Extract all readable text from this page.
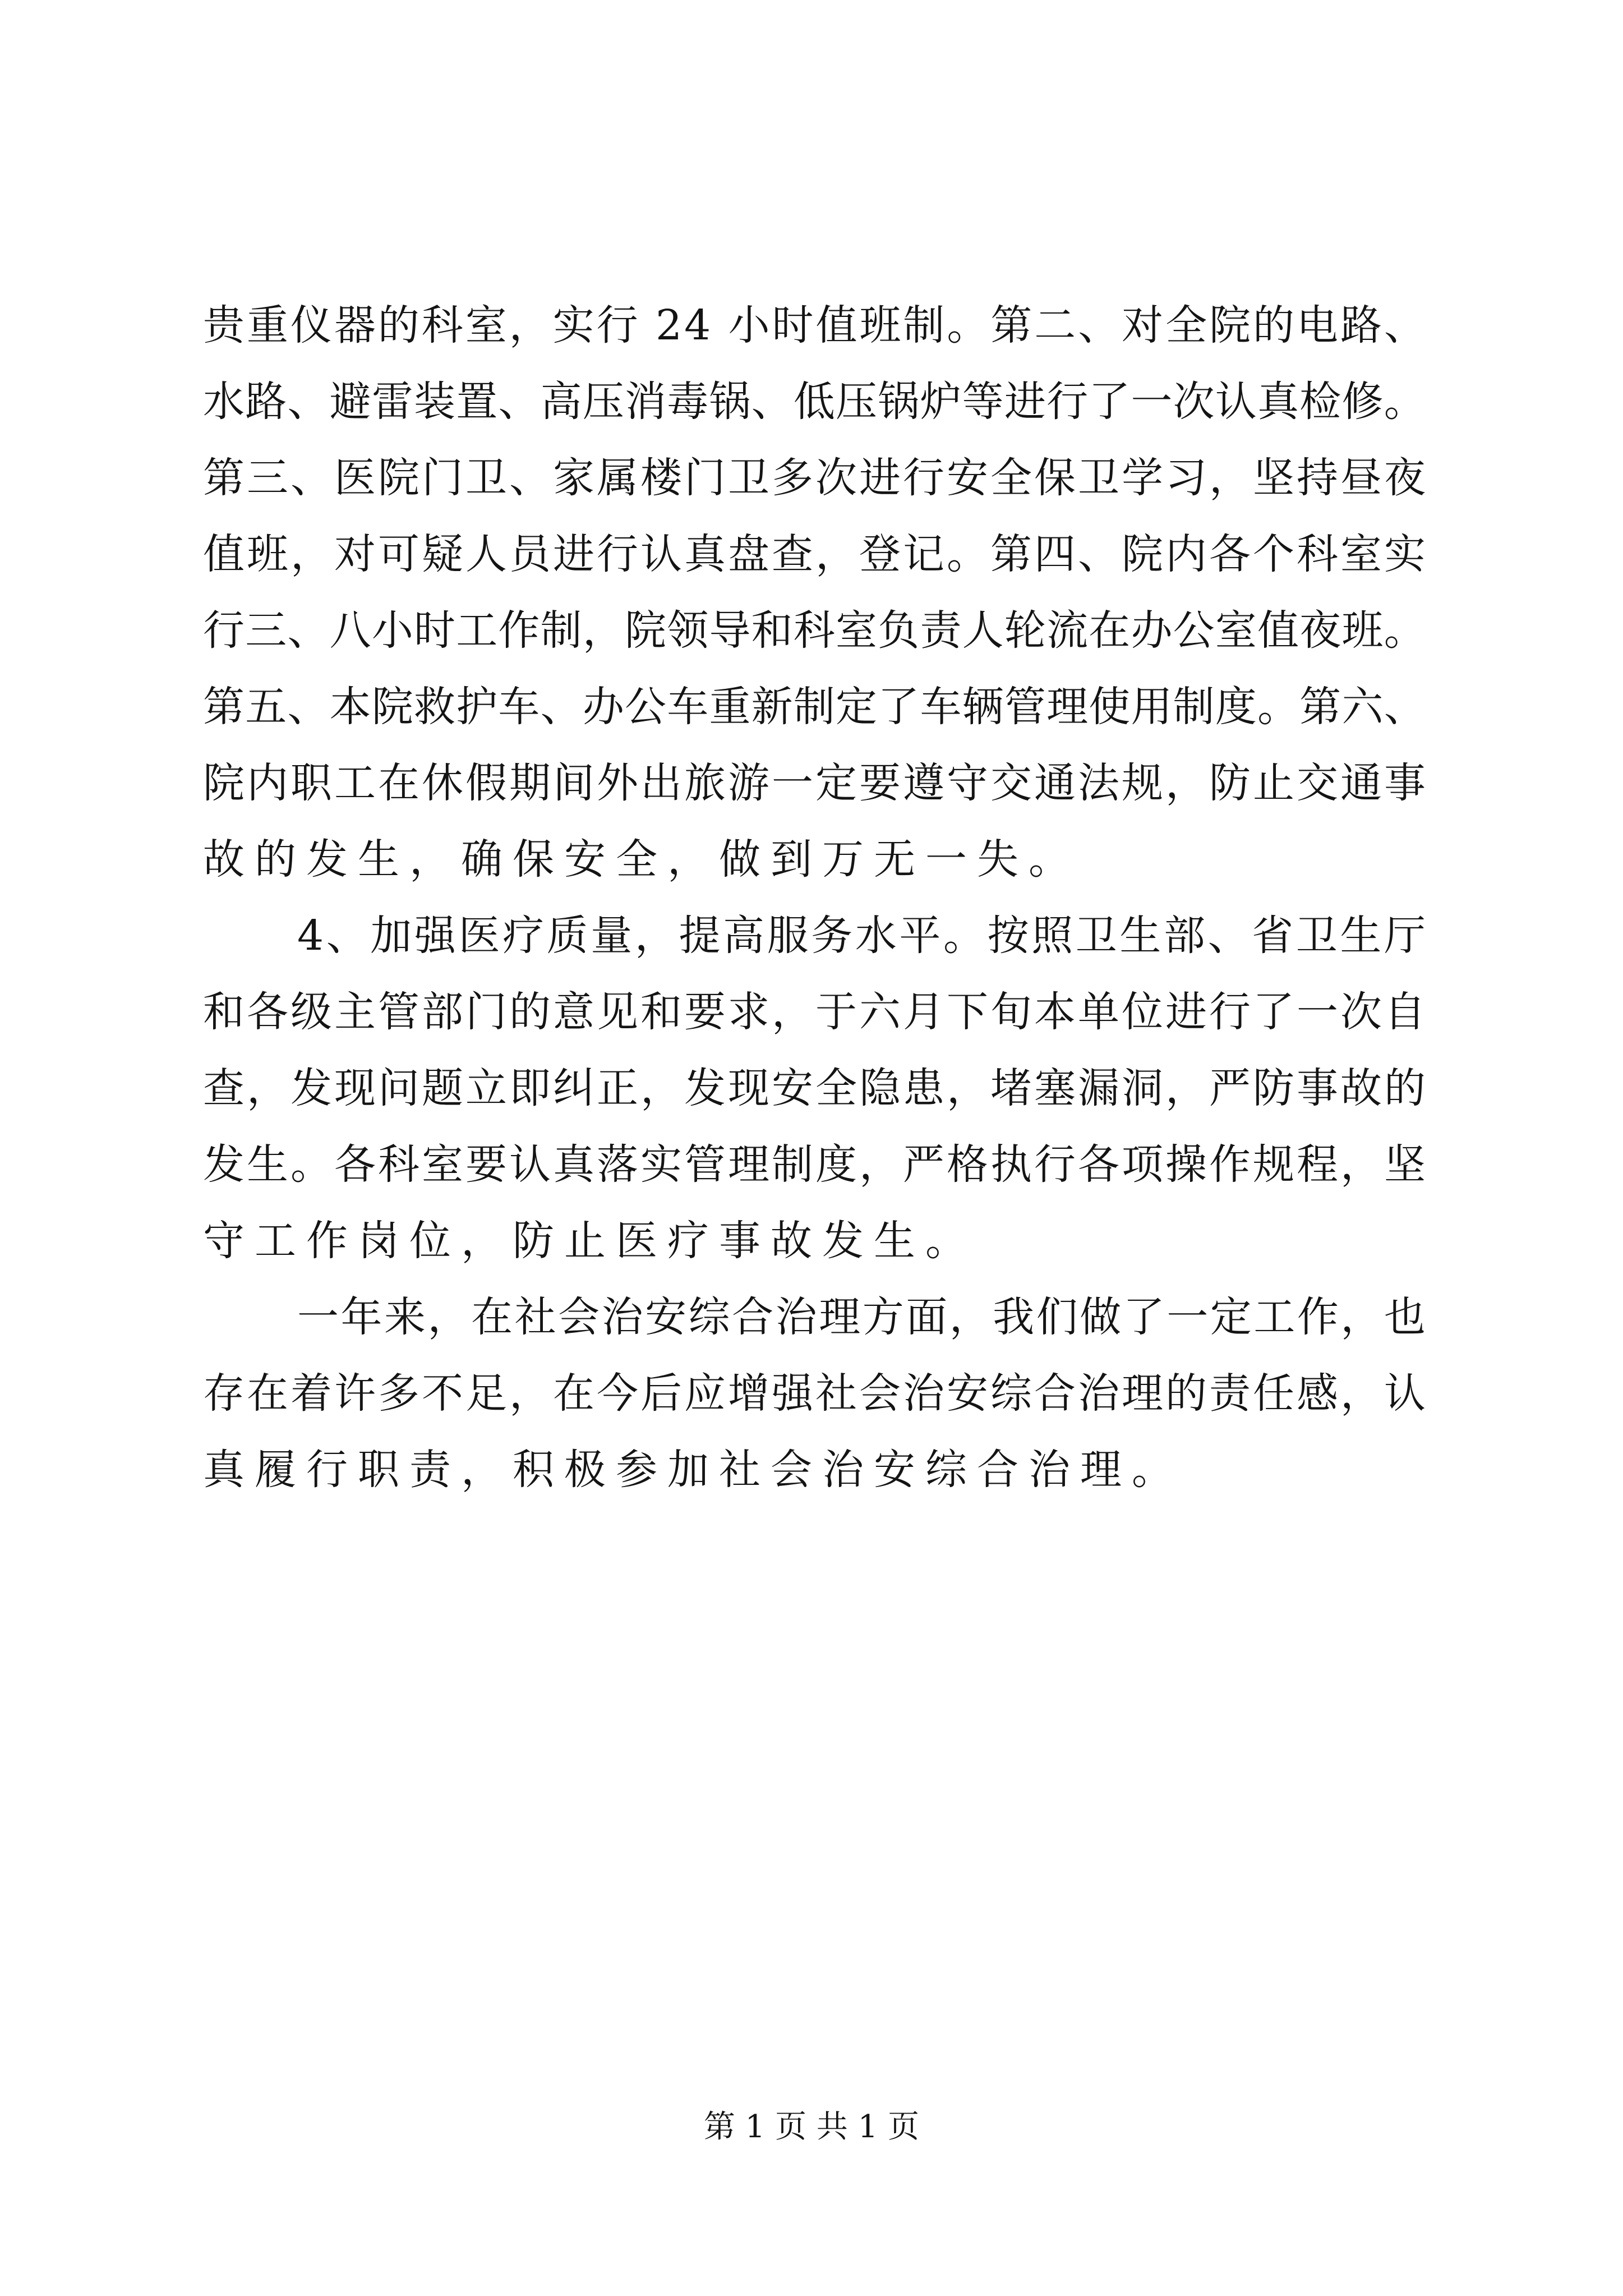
贵 重 仪 器 的 科 室 ， 实 行
2 4
小 时 值 班 制 。 第 二 、 对 全 院 的 电 路 、
水 路 、 避 雷 装 置 、 高 压 消 毒 锅 、 低 压 锅 炉 等 进 行 了 一 次 认 真 检 修 。
第 三 、 医 院 门 卫 、 家 属 楼 门 卫 多 次 进 行 安 全 保 卫 学 习 ， 坚 持 昼 夜
值 班 ， 对 可 疑 人 员 进 行 认 真 盘 查 ， 登 记 。 第 四 、 院 内 各 个 科 室 实
行 三 、 八 小 时 工 作 制 ， 院 领 导 和 科 室 负 责 人 轮 流 在 办 公 室 值 夜 班 。
第 五 、 本 院 救 护 车 、 办 公 车 重 新 制 定 了 车 辆 管 理 使 用 制 度 。 第 六 、
院 内 职 工 在 休 假 期 间 外 出 旅 游 一 定 要 遵 守 交 通 法 规 ， 防 止 交 通 事
故的发生，确保安全，做到万无一失。
4 、 加 强 医 疗 质 量 ， 提 高 服 务 水 平 。 按 照 卫 生 部 、 省 卫 生 厅
和 各 级 主 管 部 门 的 意 见 和 要 求 ， 于 六 月 下 旬 本 单 位 进 行 了 一 次 自
查 ， 发 现 问 题 立 即 纠 正 ， 发 现 安 全 隐 患 ， 堵 塞 漏 洞 ， 严 防 事 故 的
发 生 。 各 科 室 要 认 真 落 实 管 理 制 度 ， 严 格 执 行 各 项 操 作 规 程 ， 坚
守工作岗位，防止医疗事故发生。
一 年 来 ， 在 社 会 治 安 综 合 治 理 方 面 ， 我 们 做 了 一 定 工 作 ， 也
存 在 着 许 多 不 足 ， 在 今 后 应 增 强 社 会 治 安 综 合 治 理 的 责 任 感 ， 认
真履行职责，积极参加社会治安综合治理。
第 1 页 共 1 页
